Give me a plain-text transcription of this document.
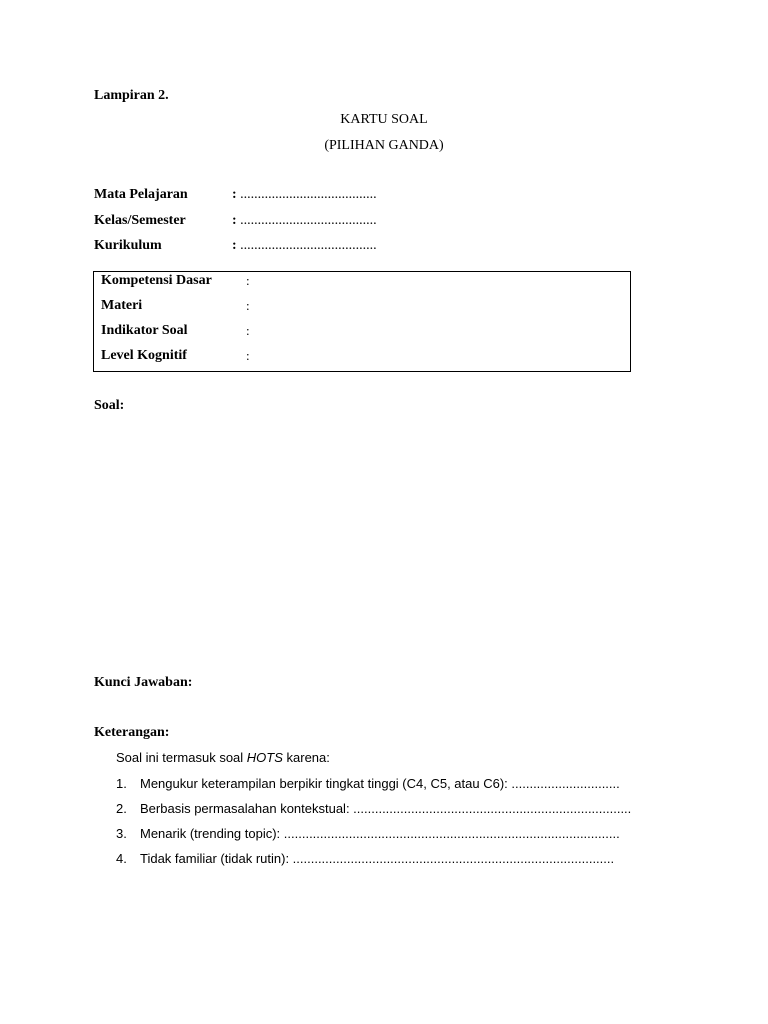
Lampiran 2.
KARTU SOAL
(PILIHAN GANDA)
Mata Pelajaran	: .......................................
Kelas/Semester	: .......................................
Kurikulum	: .......................................
Kompetensi Dasar	:
Materi	:
Indikator Soal	:
Level Kognitif	:
Soal:
Kunci Jawaban:
Keterangan:
Soal ini termasuk soal HOTS karena:
1. Mengukur keterampilan berpikir tingkat tinggi (C4, C5, atau C6): ..............................
2. Berbasis permasalahan kontekstual: .............................................................................
3. Menarik (trending topic): .............................................................................................
4. Tidak familiar (tidak rutin): .........................................................................................
